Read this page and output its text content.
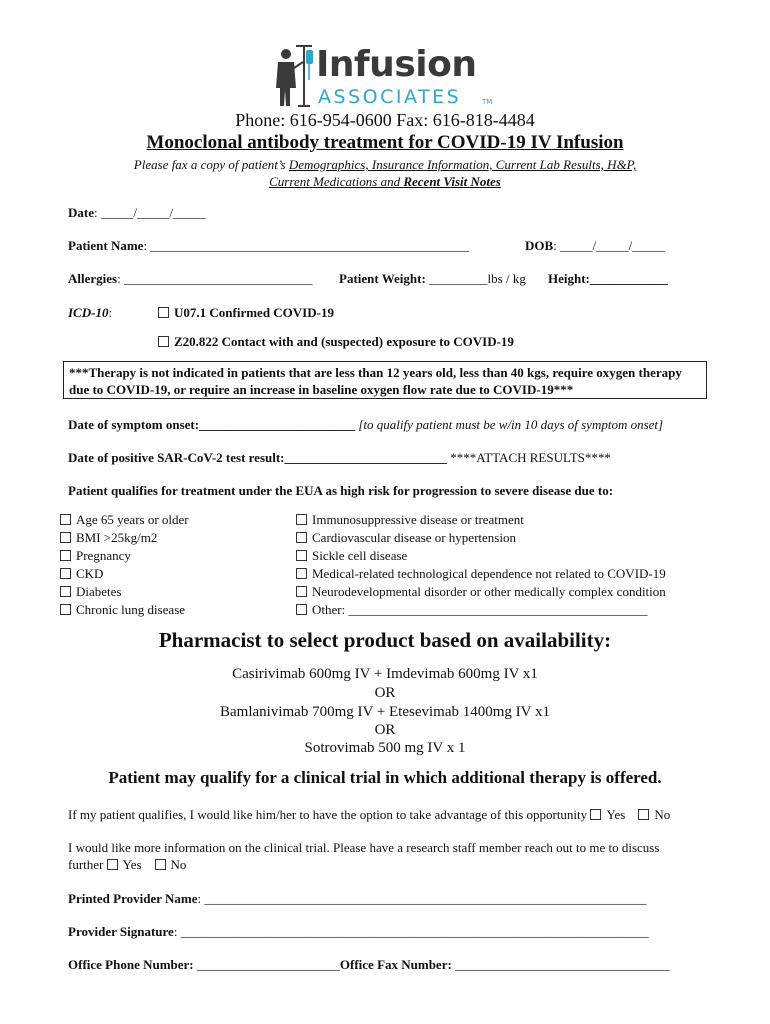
Infusion
ASSOCIATES	TM
Phone: 616-954-0600 Fax: 616-818-4484
Monoclonal antibody treatment for COVID-19 IV Infusion
Please fax a copy of patient’s Demographics, Insurance Information, Current Lab Results, H&P,
Current Medications and Recent Visit Notes
Date: _____/_____/_____
Patient Name: _________________________________________________	DOB: _____/_____/_____
Allergies: _____________________________ Patient Weight: _________lbs / kg Height:____________
ICD-10:	U07.1 Confirmed COVID-19
Z20.822 Contact with and (suspected) exposure to COVID-19
***Therapy is not indicated in patients that are less than 12 years old, less than 40 kgs, require oxygen therapy due to COVID-19, or require an increase in baseline oxygen flow rate due to COVID-19***
Date of symptom onset:________________________ [to qualify patient must be w/in 10 days of symptom onset]
Date of positive SAR-CoV-2 test result:_________________________ ****ATTACH RESULTS****
Patient qualifies for treatment under the EUA as high risk for progression to severe disease due to:
Age 65 years or older
BMI >25kg/m2
Pregnancy
CKD
Diabetes
Chronic lung disease
Immunosuppressive disease or treatment
Cardiovascular disease or hypertension
Sickle cell disease
Medical-related technological dependence not related to COVID-19
Neurodevelopmental disorder or other medically complex condition
Other: ______________________________________________
Pharmacist to select product based on availability:
Casirivimab 600mg IV + Imdevimab 600mg IV x1
OR
Bamlanivimab 700mg IV + Etesevimab 1400mg IV x1
OR
Sotrovimab 500 mg IV x 1
Patient may qualify for a clinical trial in which additional therapy is offered.
If my patient qualifies, I would like him/her to have the option to take advantage of this opportunity Yes No
I would like more information on the clinical trial. Please have a research staff member reach out to me to discuss
further Yes No
Printed Provider Name: ____________________________________________________________________
Provider Signature: ________________________________________________________________________
Office Phone Number: ______________________Office Fax Number: _________________________________
